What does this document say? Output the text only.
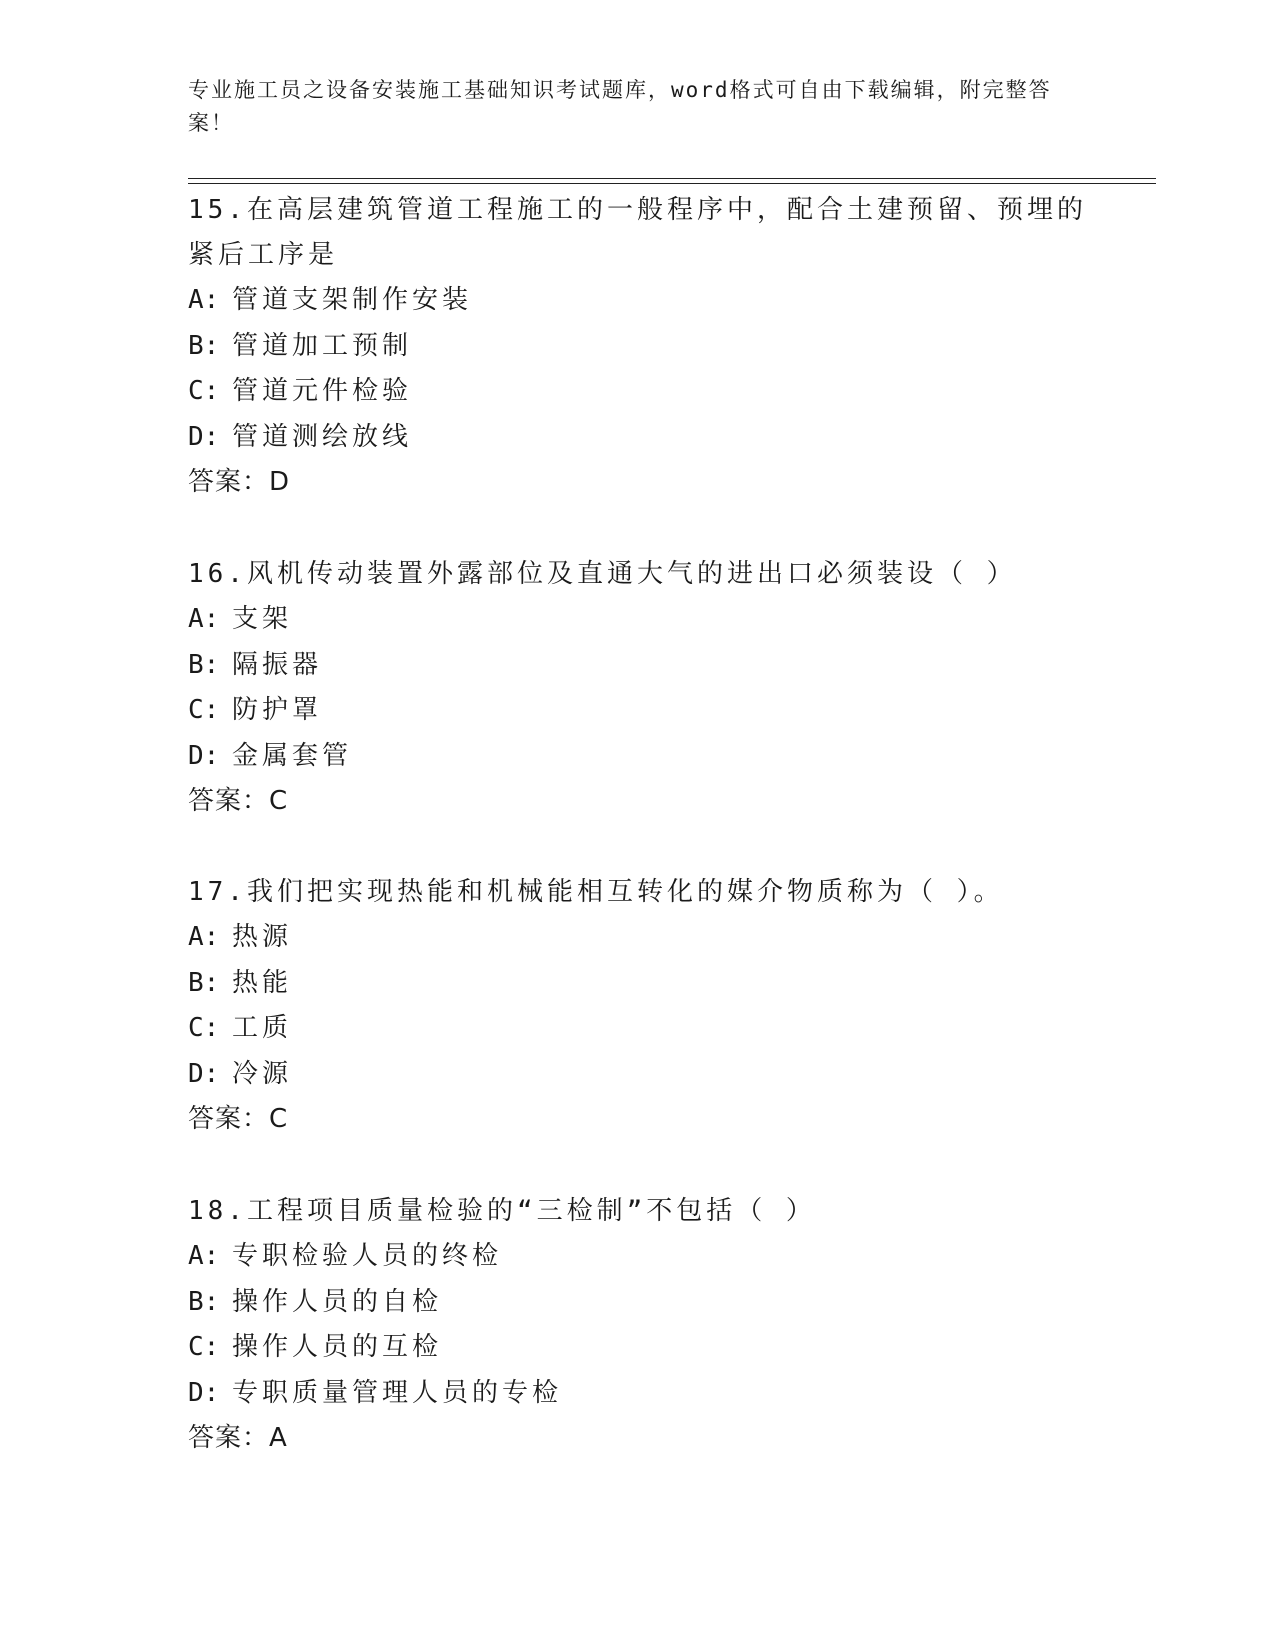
专业施工员之设备安装施工基础知识考试题库，word格式可自由下载编辑，附完整答案！
15.在高层建筑管道工程施工的一般程序中，配合土建预留、预埋的紧后工序是
A: 管道支架制作安装
B: 管道加工预制
C: 管道元件检验
D: 管道测绘放线
答案：D
16.风机传动装置外露部位及直通大气的进出口必须装设（ ）
A: 支架
B: 隔振器
C: 防护罩
D: 金属套管
答案：C
17.我们把实现热能和机械能相互转化的媒介物质称为（ ）。
A: 热源
B: 热能
C: 工质
D: 冷源
答案：C
18.工程项目质量检验的“三检制”不包括（ ）
A: 专职检验人员的终检
B: 操作人员的自检
C: 操作人员的互检
D: 专职质量管理人员的专检
答案：A
